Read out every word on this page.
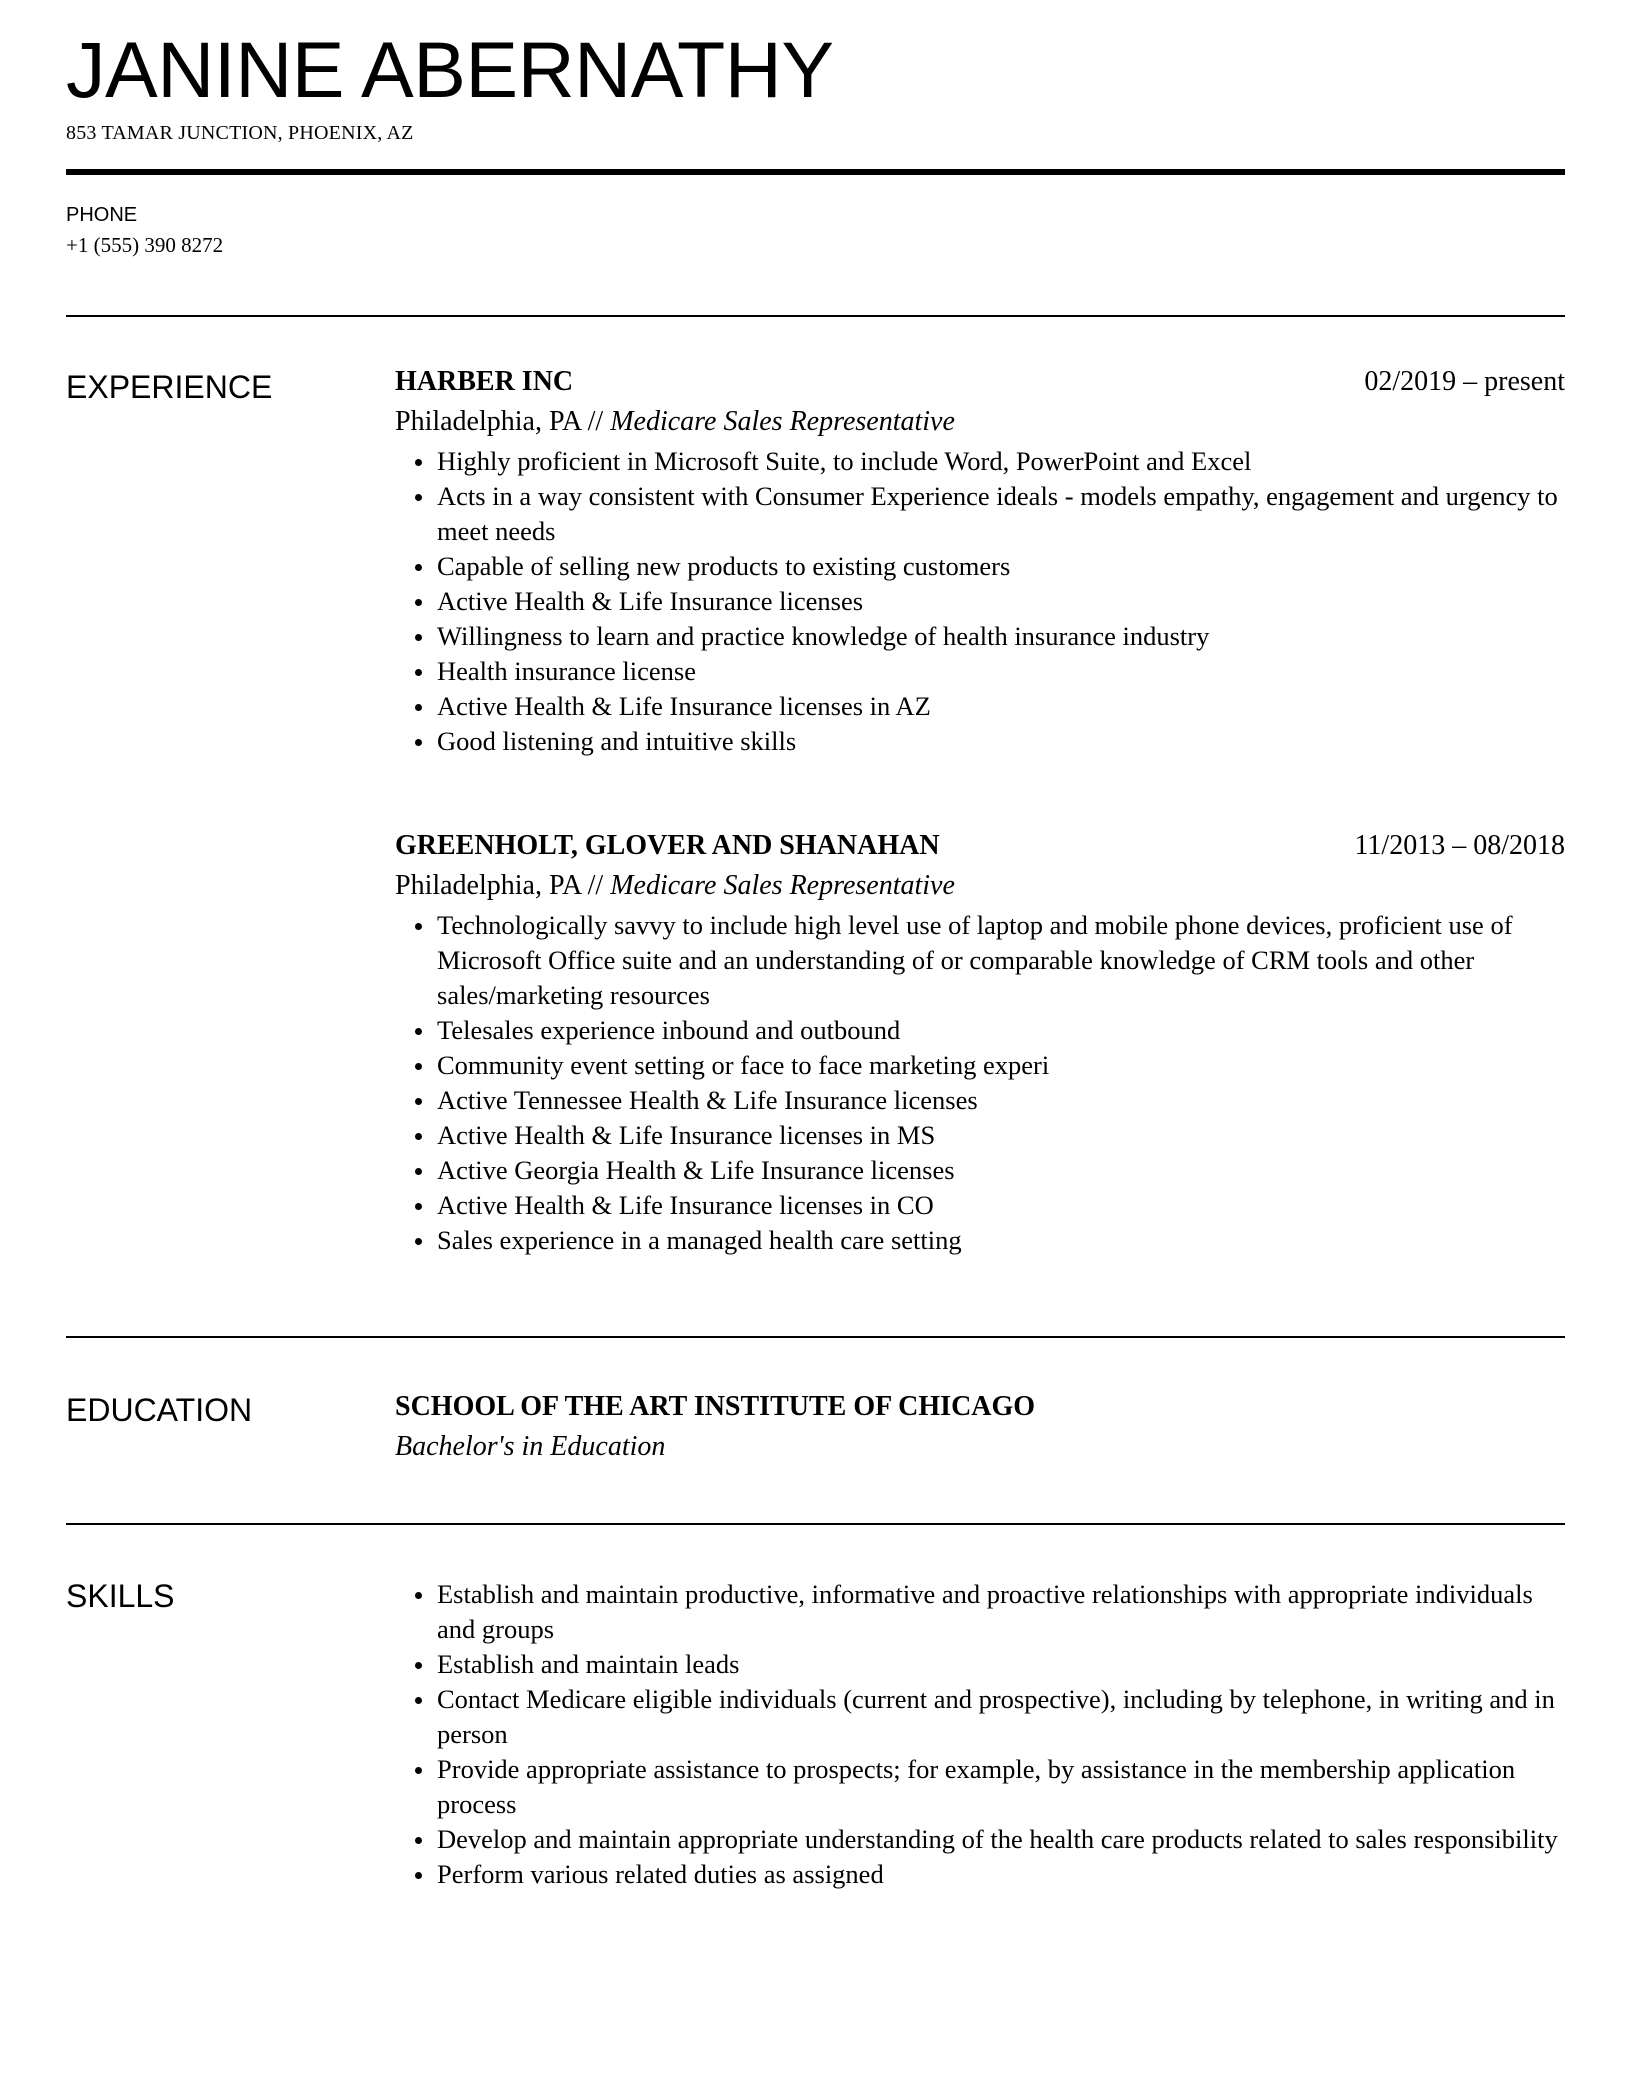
JANINE ABERNATHY
853 TAMAR JUNCTION, PHOENIX, AZ
PHONE
+1 (555) 390 8272
EXPERIENCE	HARBER INC	02/2019 – present
Philadelphia, PA // Medicare Sales Representative
Highly proficient in Microsoft Suite, to include Word, PowerPoint and Excel
Acts in a way consistent with Consumer Experience ideals - models empathy, engagement and urgency to meet needs
Capable of selling new products to existing customers
Active Health & Life Insurance licenses
Willingness to learn and practice knowledge of health insurance industry
Health insurance license
Active Health & Life Insurance licenses in AZ
Good listening and intuitive skills
GREENHOLT, GLOVER AND SHANAHAN	11/2013 – 08/2018
Philadelphia, PA // Medicare Sales Representative
Technologically savvy to include high level use of laptop and mobile phone devices, proficient use of Microsoft Office suite and an understanding of or comparable knowledge of CRM tools and other sales/marketing resources
Telesales experience inbound and outbound
Community event setting or face to face marketing experi
Active Tennessee Health & Life Insurance licenses
Active Health & Life Insurance licenses in MS
Active Georgia Health & Life Insurance licenses
Active Health & Life Insurance licenses in CO
Sales experience in a managed health care setting
EDUCATION	SCHOOL OF THE ART INSTITUTE OF CHICAGO
Bachelor's in Education
SKILLS	Establish and maintain productive, informative and proactive relationships with appropriate individuals and groups
Establish and maintain leads
Contact Medicare eligible individuals (current and prospective), including by telephone, in writing and in person
Provide appropriate assistance to prospects; for example, by assistance in the membership application process
Develop and maintain appropriate understanding of the health care products related to sales responsibility
Perform various related duties as assigned
